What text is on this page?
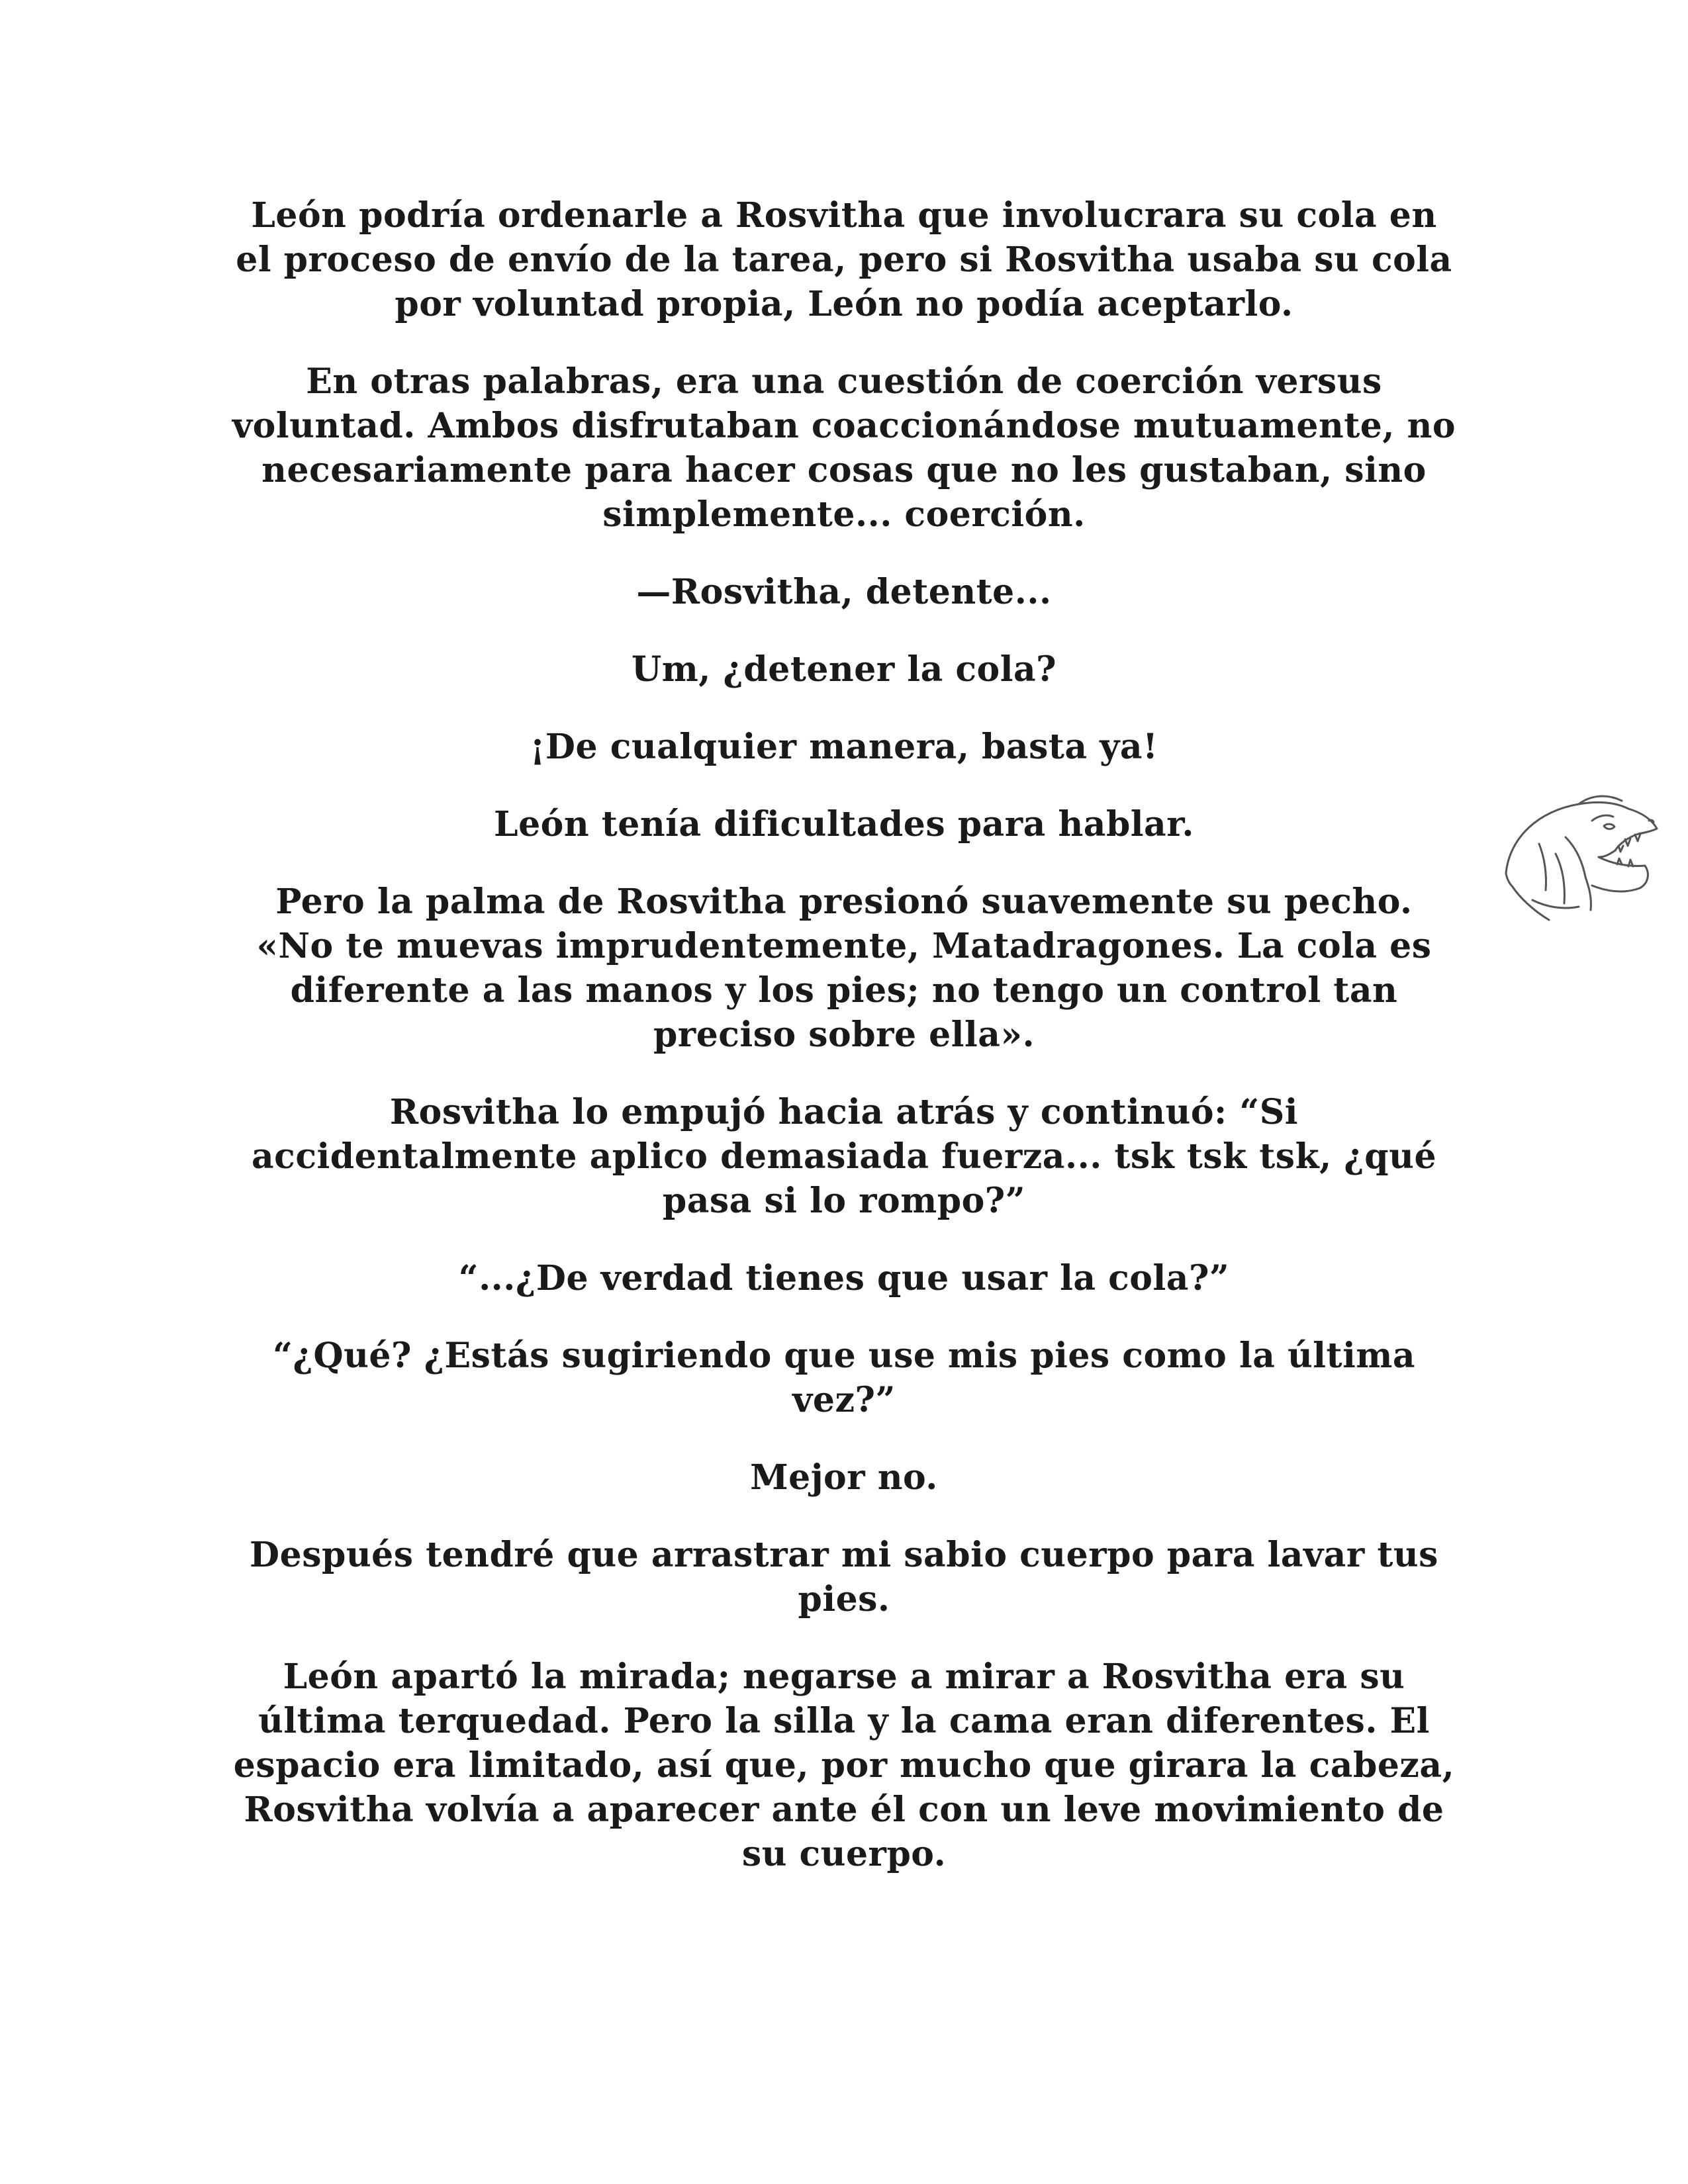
León podría ordenarle a Rosvitha que involucrara su cola en el proceso de envío de la tarea, pero si Rosvitha usaba su cola por voluntad propia, León no podía aceptarlo.

En otras palabras, era una cuestión de coerción versus voluntad. Ambos disfrutaban coaccionándose mutuamente, no necesariamente para hacer cosas que no les gustaban, sino simplemente... coerción.

—Rosvitha, detente...

Um, ¿detener la cola?

¡De cualquier manera, basta ya!

León tenía dificultades para hablar.

Pero la palma de Rosvitha presionó suavemente su pecho. «No te muevas imprudentemente, Matadragones. La cola es diferente a las manos y los pies; no tengo un control tan preciso sobre ella».

Rosvitha lo empujó hacia atrás y continuó: “Si accidentalmente aplico demasiada fuerza... tsk tsk tsk, ¿qué pasa si lo rompo?”

“...¿De verdad tienes que usar la cola?”

“¿Qué? ¿Estás sugiriendo que use mis pies como la última vez?”

Mejor no.

Después tendré que arrastrar mi sabio cuerpo para lavar tus pies.

León apartó la mirada; negarse a mirar a Rosvitha era su última terquedad. Pero la silla y la cama eran diferentes. El espacio era limitado, así que, por mucho que girara la cabeza, Rosvitha volvía a aparecer ante él con un leve movimiento de su cuerpo.
